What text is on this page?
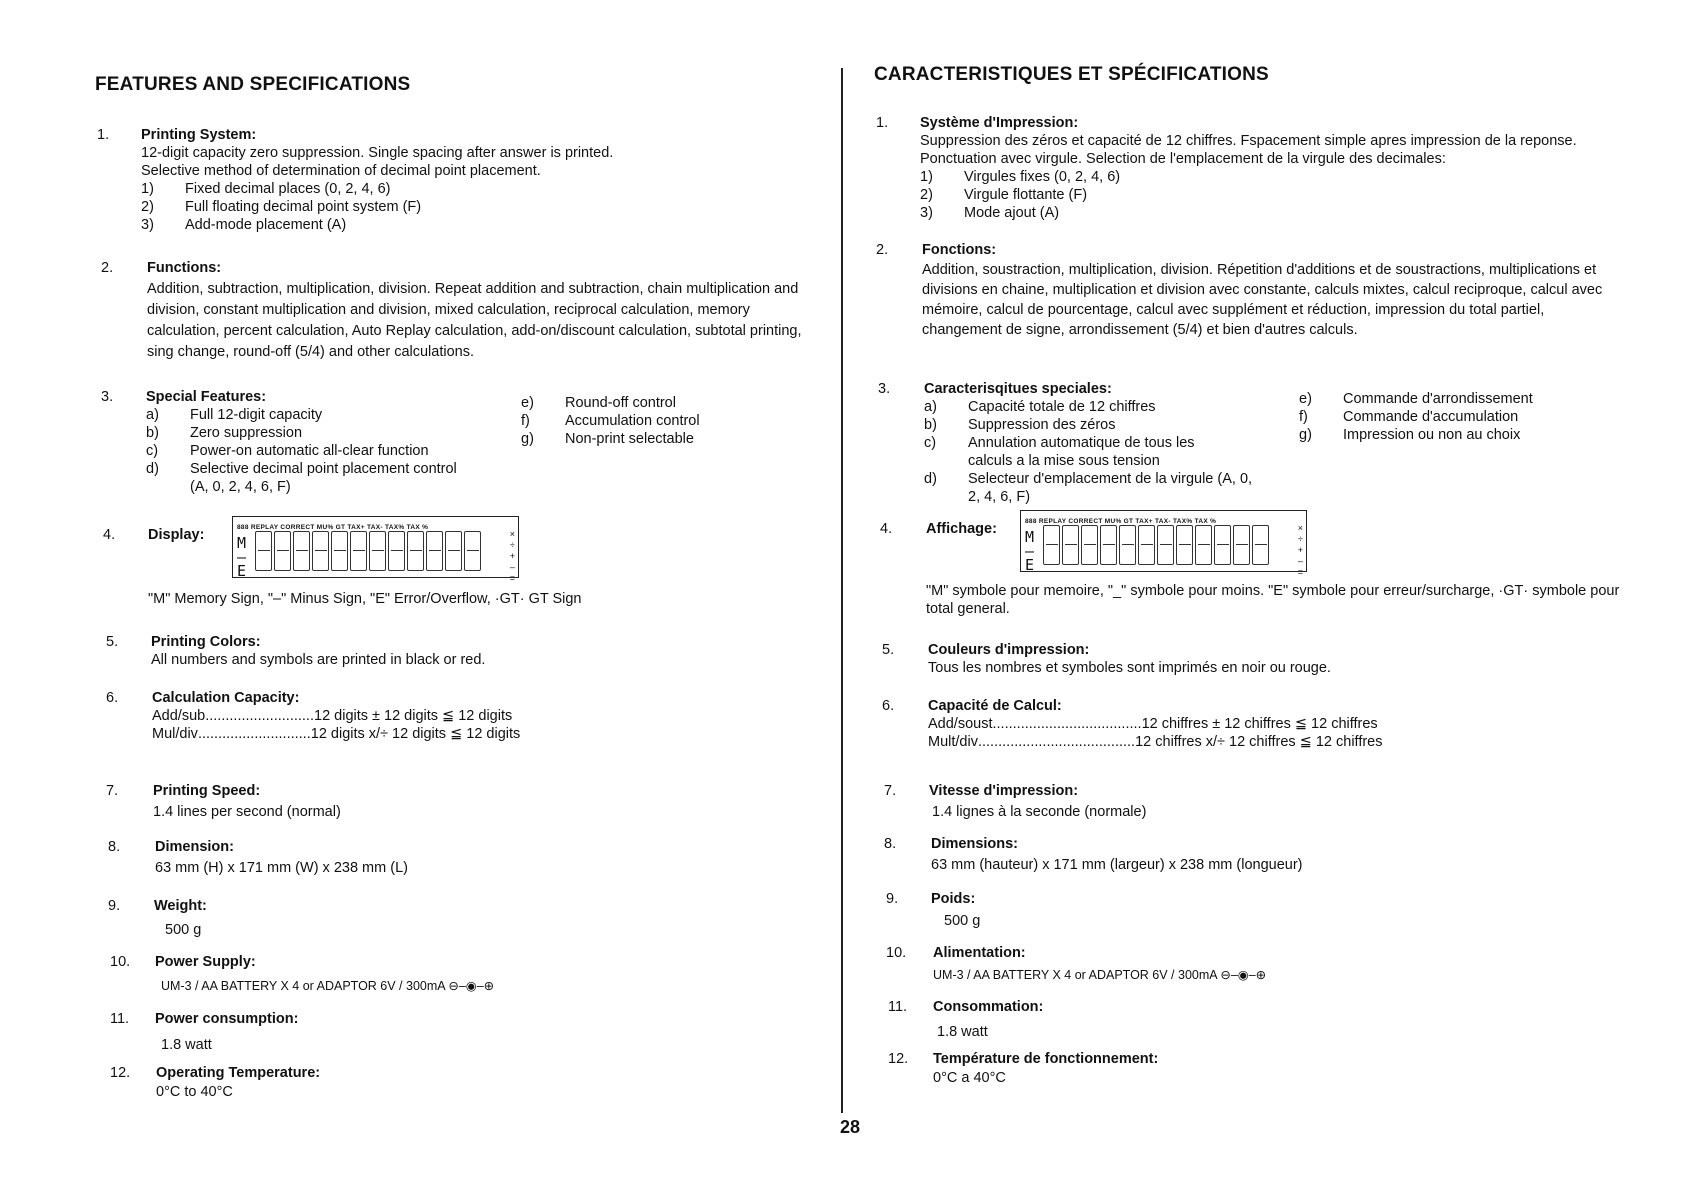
FEATURES AND SPECIFICATIONS
1. Printing System:
12-digit capacity zero suppression. Single spacing after answer is printed.
Selective method of determination of decimal point placement.
1)	Fixed decimal places (0, 2, 4, 6)
2)	Full floating decimal point system (F)
3)	Add-mode placement (A)
2. Functions:
Addition, subtraction, multiplication, division. Repeat addition and subtraction, chain multiplication and division, constant multiplication and division, mixed calculation, reciprocal calculation, memory calculation, percent calculation, Auto Replay calculation, add-on/discount calculation, subtotal printing, sing change, round-off (5/4) and other calculations.
3. Special Features:
a)	Full 12-digit capacity
b)	Zero suppression
c)	Power-on automatic all-clear function
d)	Selective decimal point placement control (A, 0, 2, 4, 6, F)
e)	Round-off control
f)	Accumulation control
g)	Non-print selectable
4. Display:	888 REPLAY CORRECT MU% GT TAX+ TAX- TAX% TAX %
M
–
E
×
÷
+
–
=
"M" Memory Sign, "–" Minus Sign, "E" Error/Overflow, ·GT· GT Sign
5. Printing Colors:
All numbers and symbols are printed in black or red.
6. Calculation Capacity:
Add/sub ........................... 12 digits ± 12 digits ≦ 12 digits
Mul/div ............................ 12 digits x/÷ 12 digits ≦ 12 digits
7. Printing Speed:
1.4 lines per second (normal)
8. Dimension:
63 mm (H) x 171 mm (W) x 238 mm (L)
9. Weight:
500 g
10. Power Supply:
UM-3 / AA BATTERY X 4 or ADAPTOR 6V / 300mA ⊖–◉–⊕
11. Power consumption:
1.8 watt
12. Operating Temperature:
0°C to 40°C
CARACTERISTIQUES ET SPÉCIFICATIONS
1. Système d'Impression:
Suppression des zéros et capacité de 12 chiffres. Fspacement simple apres impression de la reponse. Ponctuation avec virgule. Selection de l'emplacement de la virgule des decimales:
1)	Virgules fixes (0, 2, 4, 6)
2)	Virgule flottante (F)
3)	Mode ajout (A)
2. Fonctions:
Addition, soustraction, multiplication, division. Répetition d'additions et de soustractions, multiplications et divisions en chaine, multiplication et division avec constante, calculs mixtes, calcul reciproque, calcul avec mémoire, calcul de pourcentage, calcul avec supplément et réduction, impression du total partiel, changement de signe, arrondissement (5/4) et bien d'autres calculs.
3. Caracterisqitues speciales:
a)	Capacité totale de 12 chiffres
b)	Suppression des zéros
c)	Annulation automatique de tous les calculs a la mise sous tension
d)	Selecteur d'emplacement de la virgule (A, 0, 2, 4, 6, F)
e)	Commande d'arrondissement
f)	Commande d'accumulation
g)	Impression ou non au choix
4. Affichage:	888 REPLAY CORRECT MU% GT TAX+ TAX- TAX% TAX %
M
–
E
×
÷
+
–
=
"M" symbole pour memoire, "_" symbole pour moins. "E" symbole pour erreur/surcharge, ·GT· symbole pour total general.
5. Couleurs d'impression:
Tous les nombres et symboles sont imprimés en noir ou rouge.
6. Capacité de Calcul:
Add/soust ..................................... 12 chiffres ± 12 chiffres ≦ 12 chiffres
Mult/div ....................................... 12 chiffres x/÷ 12 chiffres ≦ 12 chiffres
7. Vitesse d'impression:
1.4 lignes à la seconde (normale)
8. Dimensions:
63 mm (hauteur) x 171 mm (largeur) x 238 mm (longueur)
9. Poids:
500 g
10. Alimentation:
UM-3 / AA BATTERY X 4 or ADAPTOR 6V / 300mA ⊖–◉–⊕
11. Consommation:
1.8 watt
12. Température de fonctionnement:
0°C a 40°C
28
